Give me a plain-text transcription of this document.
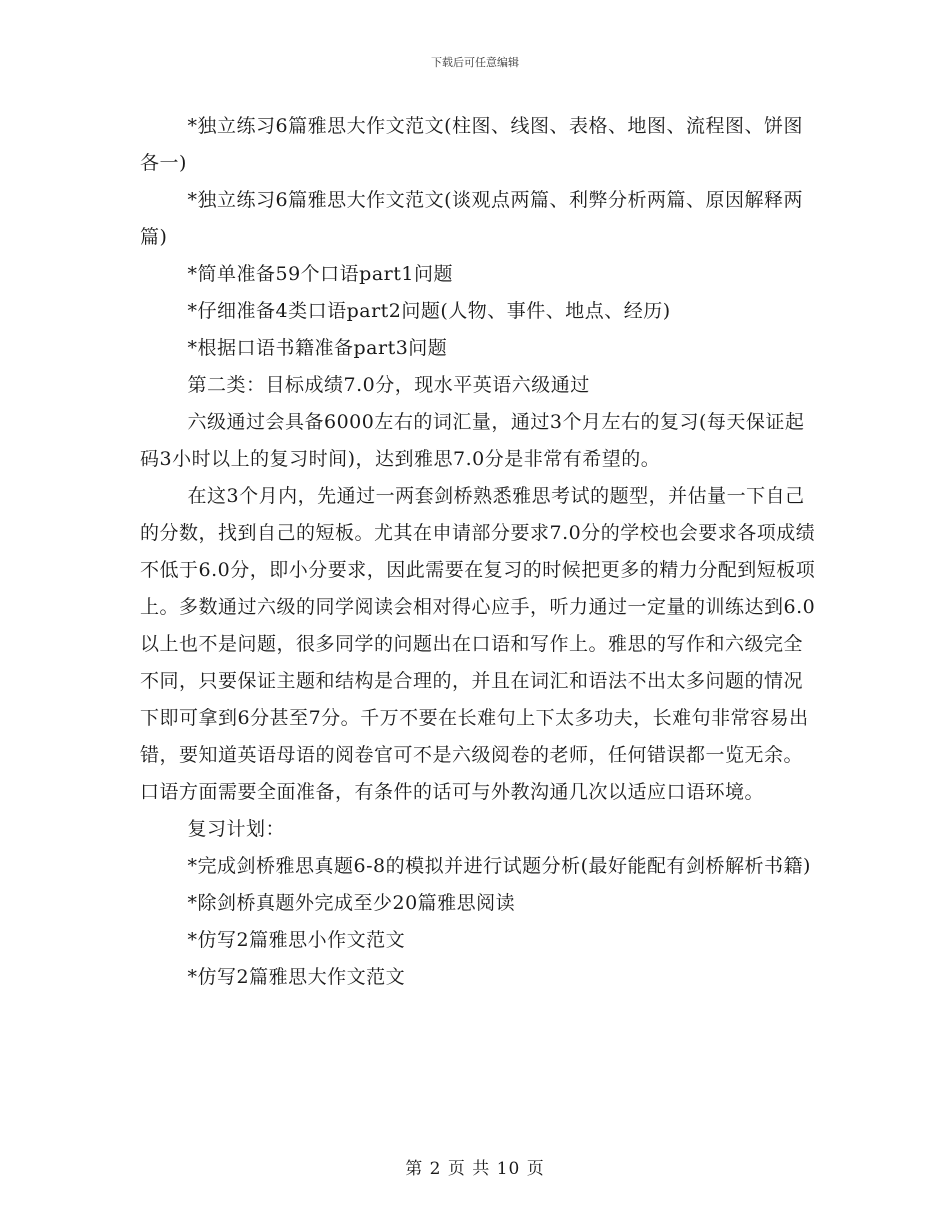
下载后可任意编辑

*独立练习6篇雅思大作文范文(柱图、线图、表格、地图、流程图、饼图各一)

*独立练习6篇雅思大作文范文(谈观点两篇、利弊分析两篇、原因解释两篇)

*简单准备59个口语part1问题

*仔细准备4类口语part2问题(人物、事件、地点、经历)

*根据口语书籍准备part3问题

第二类：目标成绩7.0分，现水平英语六级通过

六级通过会具备6000左右的词汇量，通过3个月左右的复习(每天保证起码3小时以上的复习时间)，达到雅思7.0分是非常有希望的。

在这3个月内，先通过一两套剑桥熟悉雅思考试的题型，并估量一下自己的分数，找到自己的短板。尤其在申请部分要求7.0分的学校也会要求各项成绩不低于6.0分，即小分要求，因此需要在复习的时候把更多的精力分配到短板项上。多数通过六级的同学阅读会相对得心应手，听力通过一定量的训练达到6.0以上也不是问题，很多同学的问题出在口语和写作上。雅思的写作和六级完全不同，只要保证主题和结构是合理的，并且在词汇和语法不出太多问题的情况下即可拿到6分甚至7分。千万不要在长难句上下太多功夫，长难句非常容易出错，要知道英语母语的阅卷官可不是六级阅卷的老师，任何错误都一览无余。口语方面需要全面准备，有条件的话可与外教沟通几次以适应口语环境。

复习计划：

*完成剑桥雅思真题6-8的模拟并进行试题分析(最好能配有剑桥解析书籍)

*除剑桥真题外完成至少20篇雅思阅读

*仿写2篇雅思小作文范文

*仿写2篇雅思大作文范文

第 2 页 共 10 页
